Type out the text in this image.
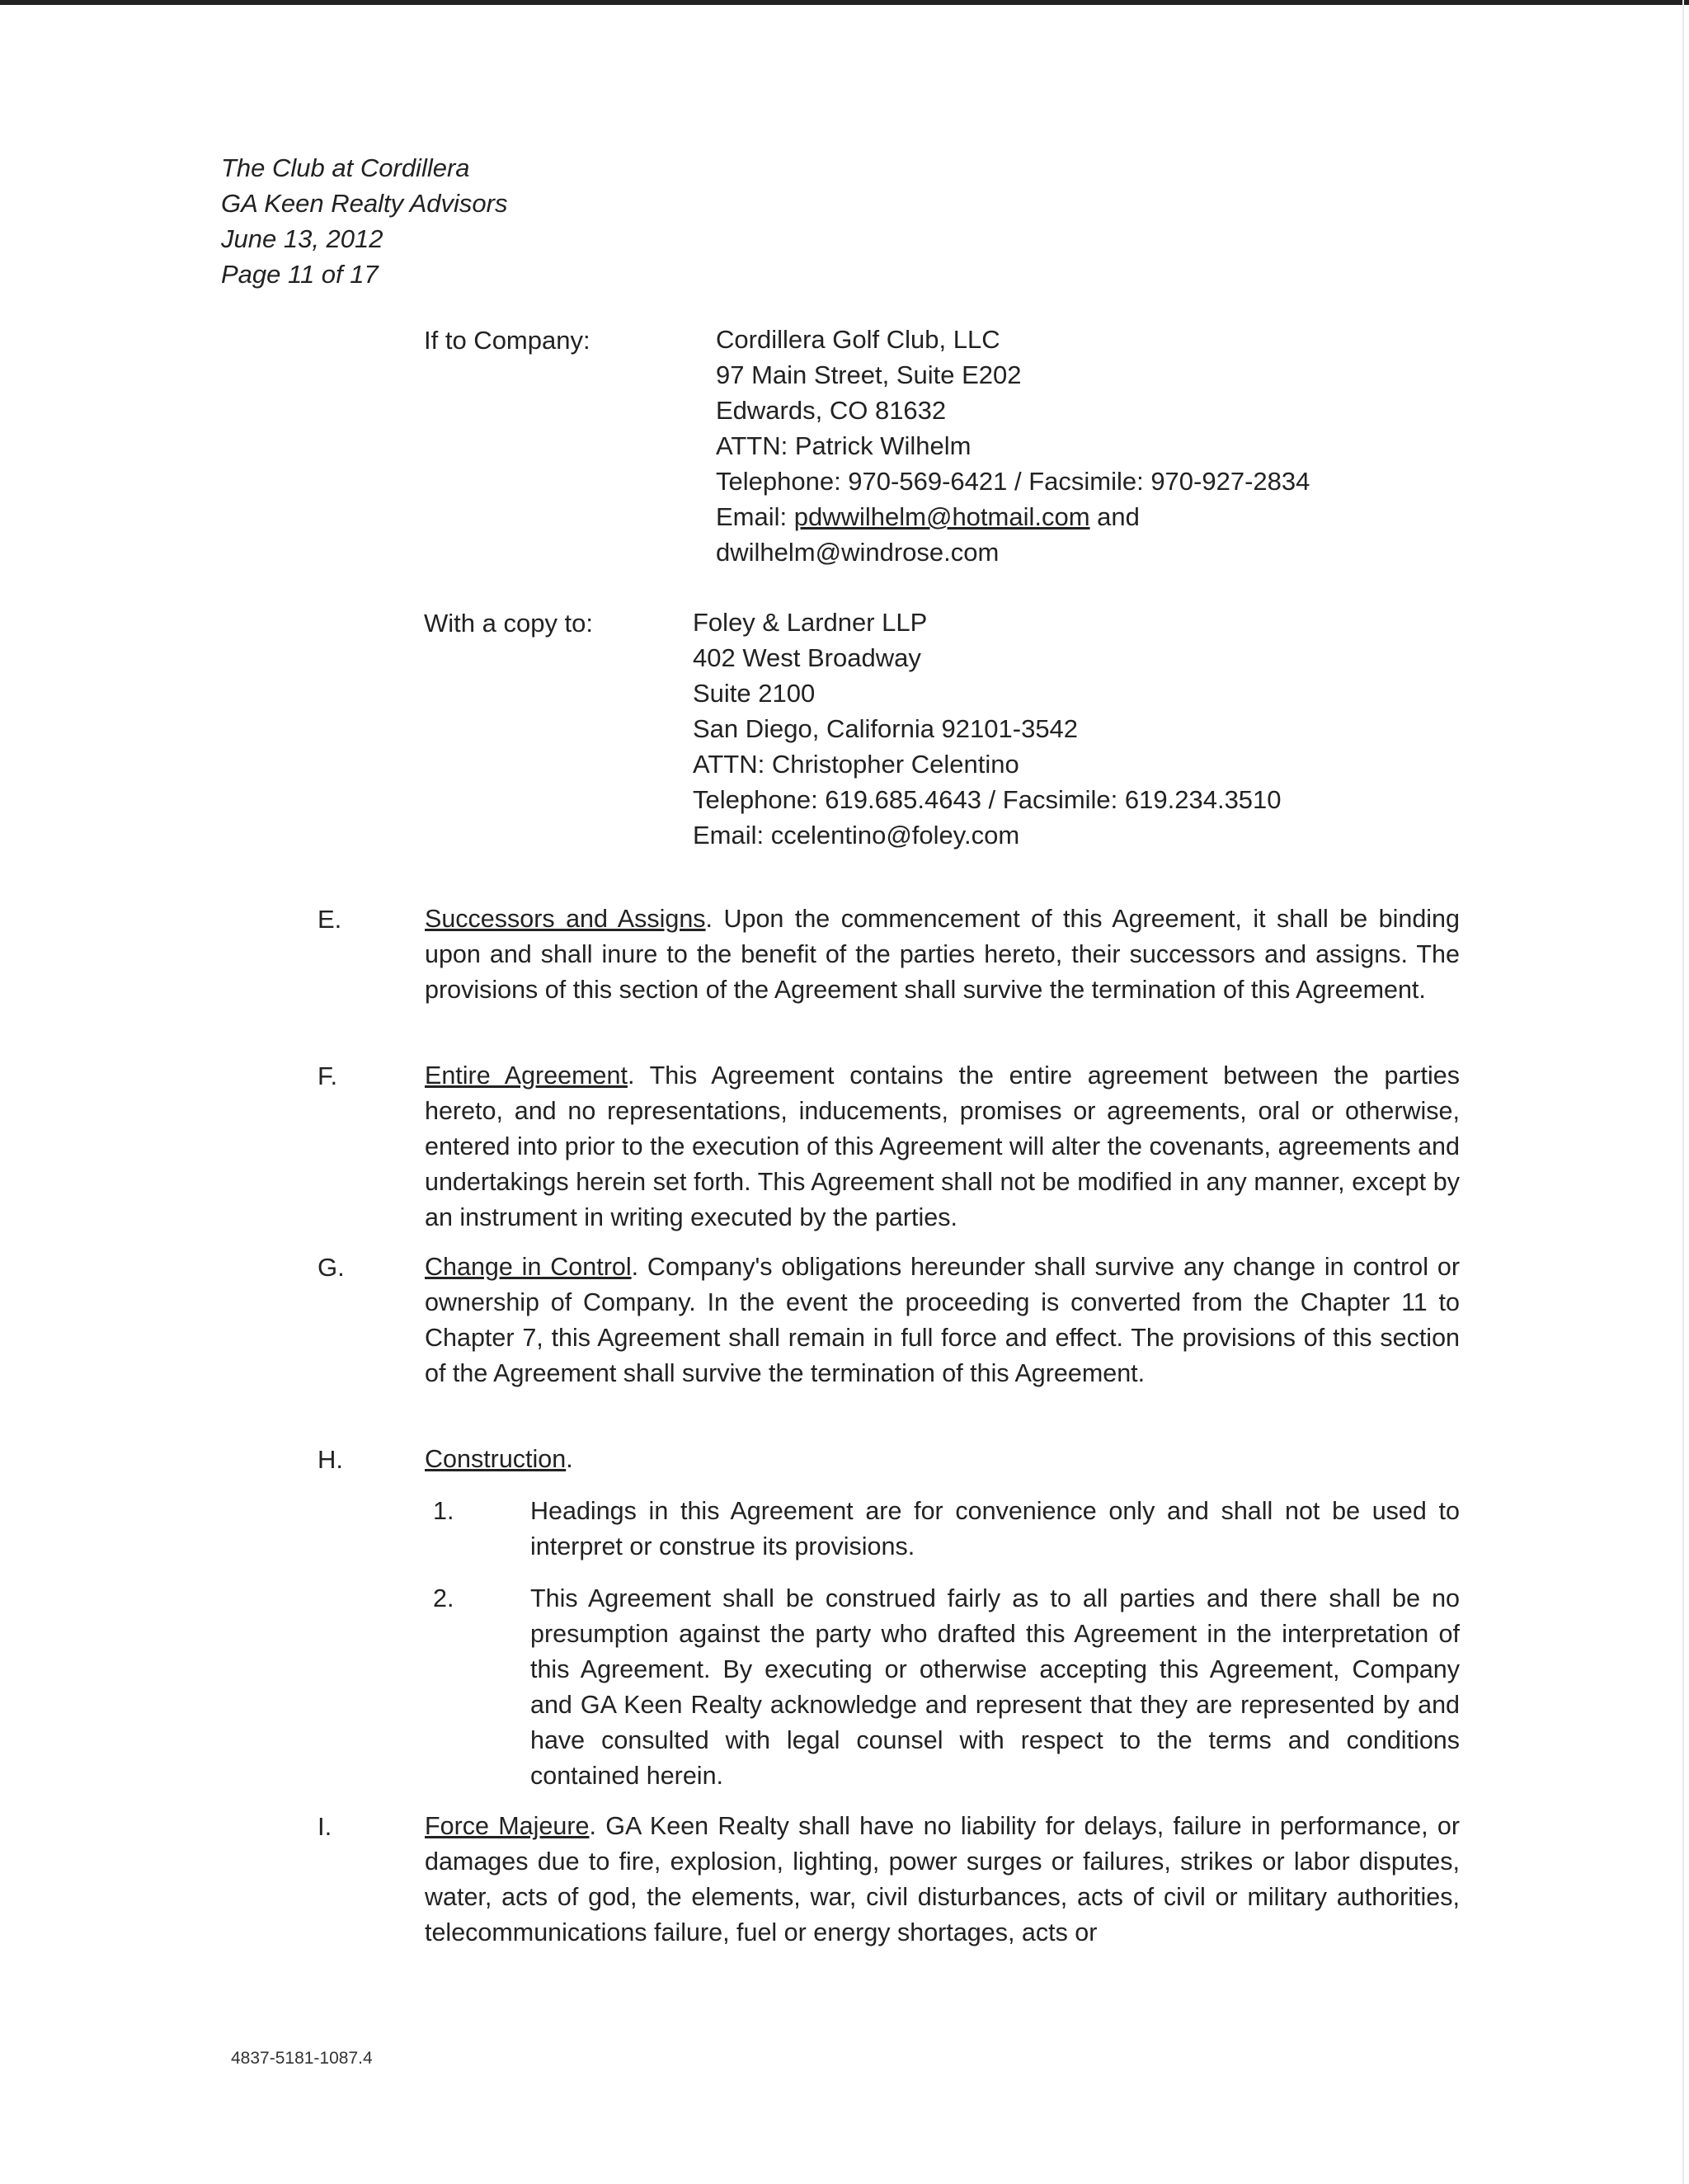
The Club at Cordillera
GA Keen Realty Advisors
June 13, 2012
Page 11 of 17
If to Company:	Cordillera Golf Club, LLC
97 Main Street, Suite E202
Edwards, CO 81632
ATTN: Patrick Wilhelm
Telephone: 970-569-6421 / Facsimile: 970-927-2834
Email: pdwwilhelm@hotmail.com and
dwilhelm@windrose.com
With a copy to:	Foley & Lardner LLP
402 West Broadway
Suite 2100
San Diego, California 92101-3542
ATTN: Christopher Celentino
Telephone: 619.685.4643 / Facsimile: 619.234.3510
Email: ccelentino@foley.com
E.	Successors and Assigns. Upon the commencement of this Agreement, it shall be binding upon and shall inure to the benefit of the parties hereto, their successors and assigns. The provisions of this section of the Agreement shall survive the termination of this Agreement.
F.	Entire Agreement. This Agreement contains the entire agreement between the parties hereto, and no representations, inducements, promises or agreements, oral or otherwise, entered into prior to the execution of this Agreement will alter the covenants, agreements and undertakings herein set forth. This Agreement shall not be modified in any manner, except by an instrument in writing executed by the parties.
G.	Change in Control. Company's obligations hereunder shall survive any change in control or ownership of Company. In the event the proceeding is converted from the Chapter 11 to Chapter 7, this Agreement shall remain in full force and effect. The provisions of this section of the Agreement shall survive the termination of this Agreement.
H.	Construction.
1.	Headings in this Agreement are for convenience only and shall not be used to interpret or construe its provisions.
2.	This Agreement shall be construed fairly as to all parties and there shall be no presumption against the party who drafted this Agreement in the interpretation of this Agreement. By executing or otherwise accepting this Agreement, Company and GA Keen Realty acknowledge and represent that they are represented by and have consulted with legal counsel with respect to the terms and conditions contained herein.
I.	Force Majeure. GA Keen Realty shall have no liability for delays, failure in performance, or damages due to fire, explosion, lighting, power surges or failures, strikes or labor disputes, water, acts of god, the elements, war, civil disturbances, acts of civil or military authorities, telecommunications failure, fuel or energy shortages, acts or
4837-5181-1087.4
